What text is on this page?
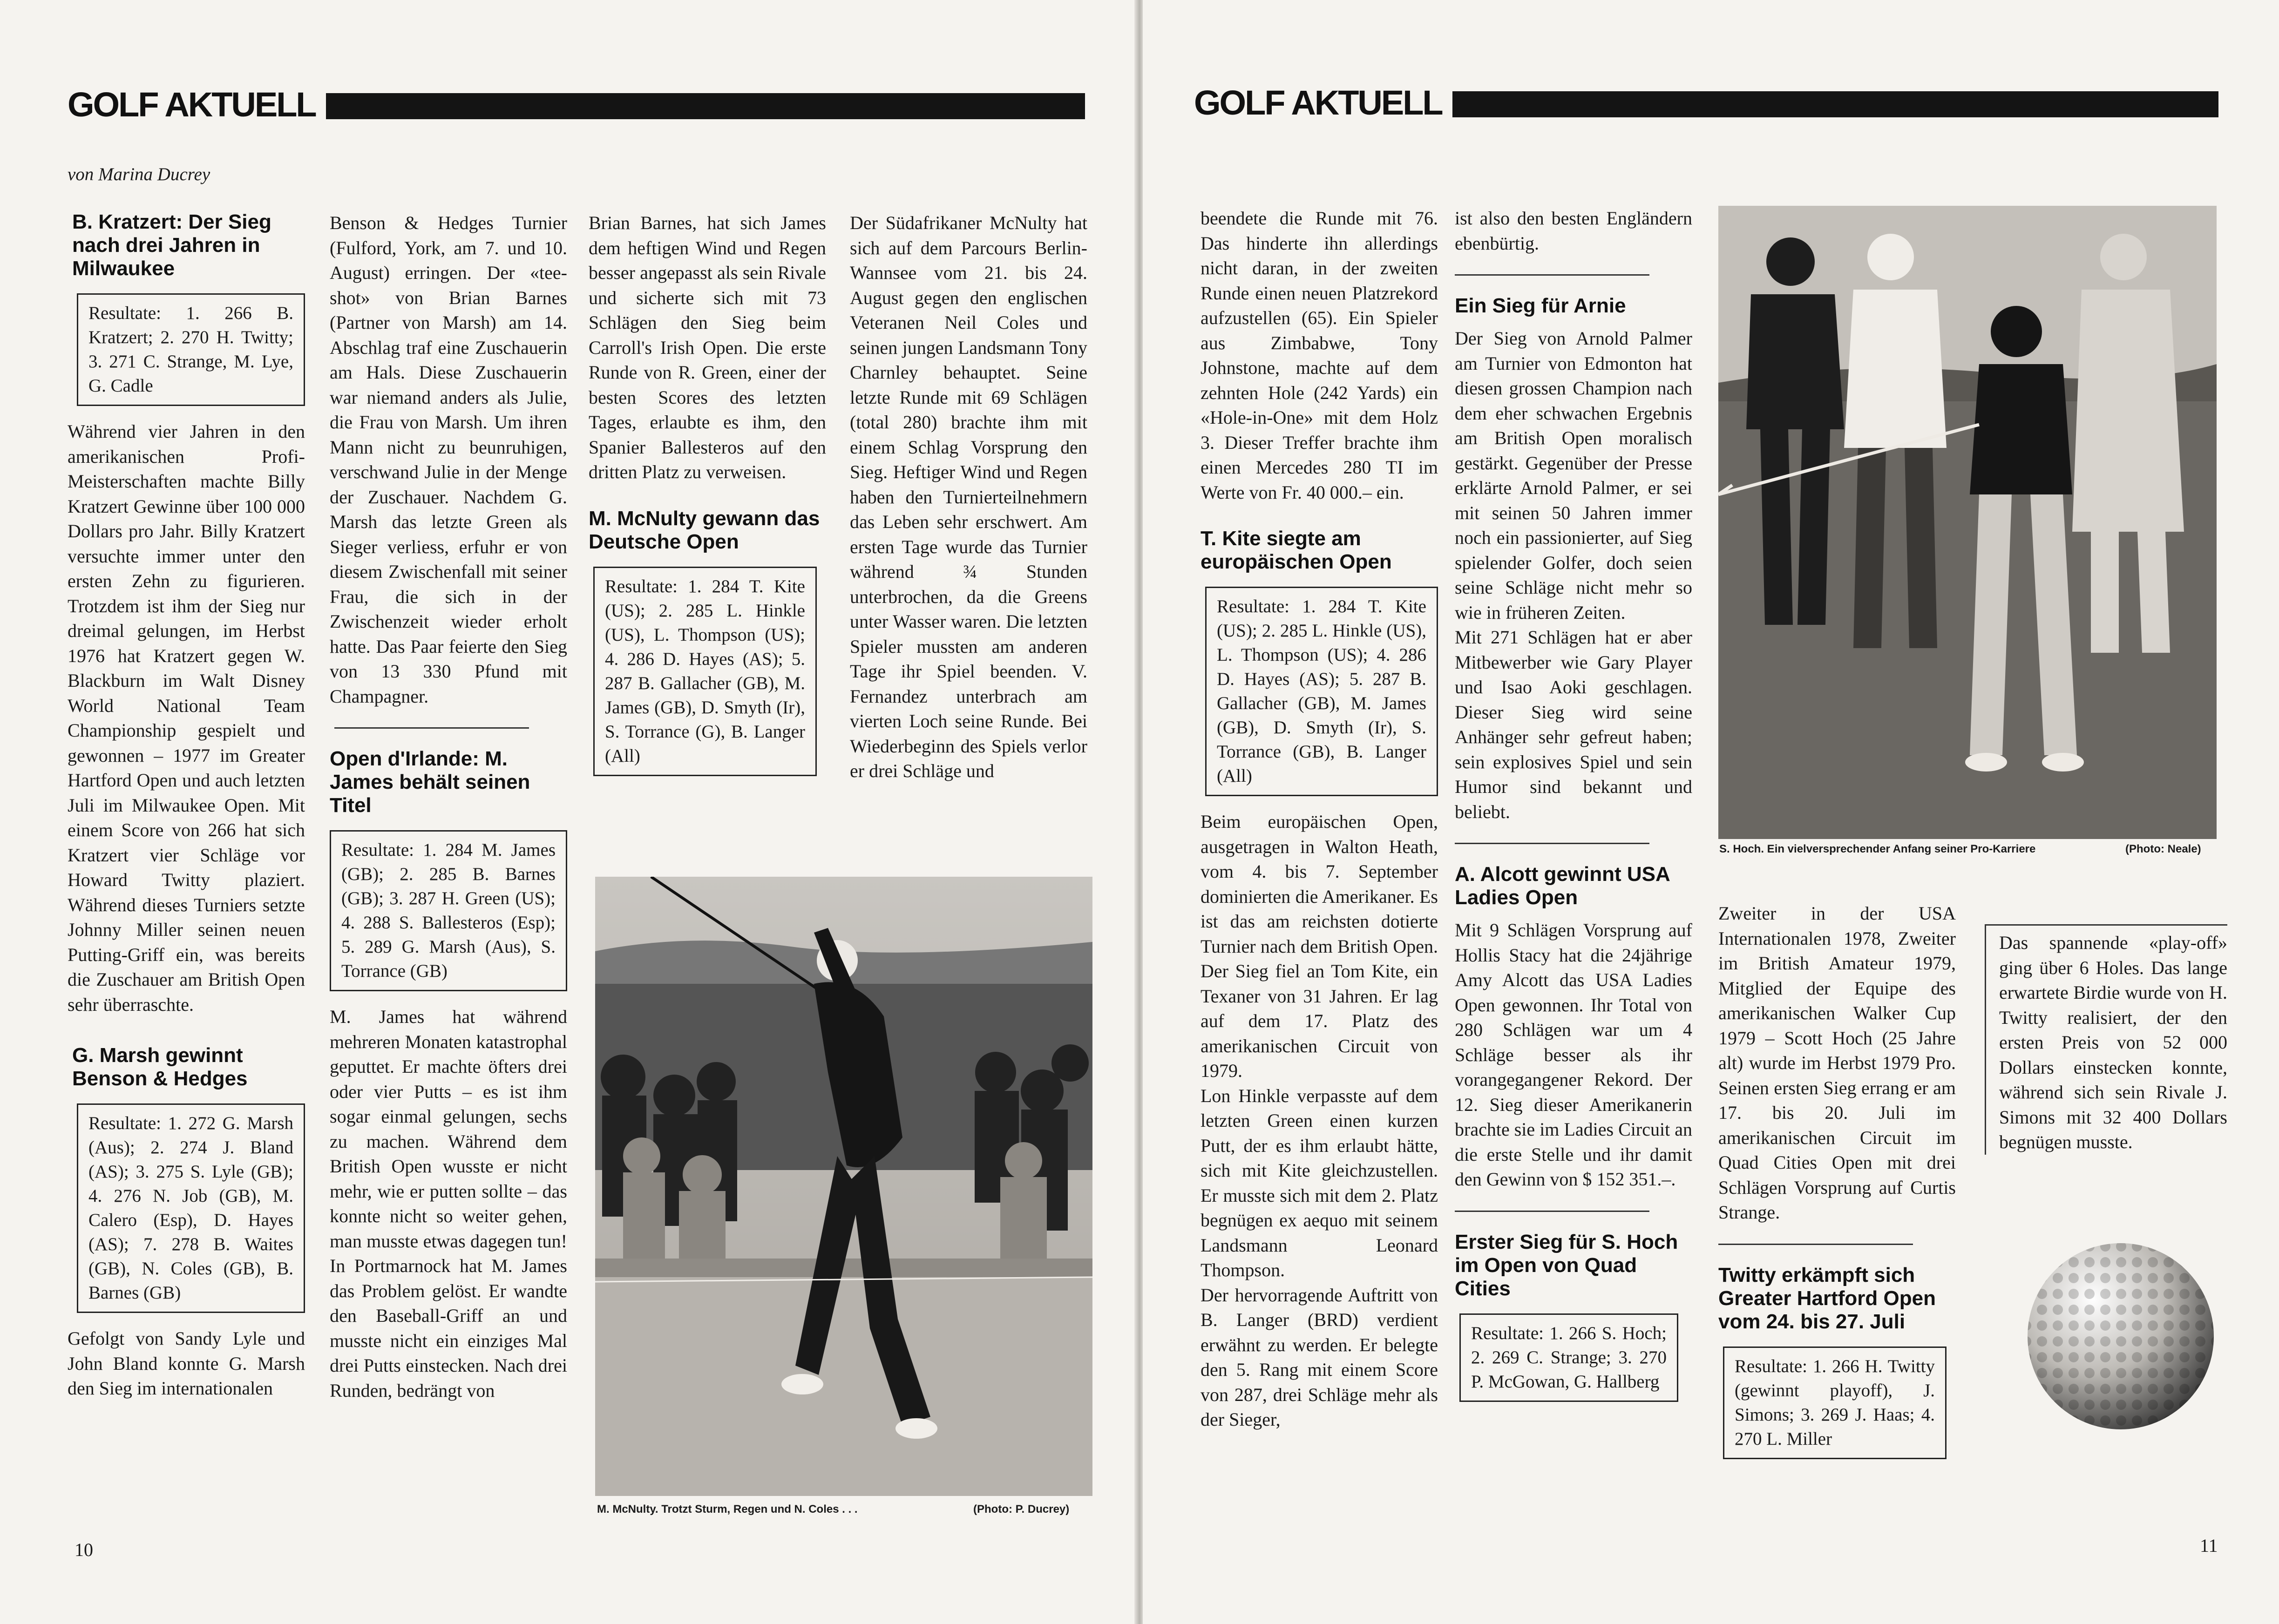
GOLF AKTUELL
von Marina Ducrey
B. Kratzert: Der Sieg nach drei Jahren in Milwaukee
Resultate: 1. 266 B. Kratzert; 2. 270 H. Twitty; 3. 271 C. Strange, M. Lye, G. Cadle

Während vier Jahren in den amerikanischen Profi-Meisterschaften machte Billy Kratzert Gewinne über 100 000 Dollars pro Jahr. Billy Kratzert versuchte immer unter den ersten Zehn zu figurieren. Trotzdem ist ihm der Sieg nur dreimal gelungen, im Herbst 1976 hat Kratzert gegen W. Blackburn im Walt Disney World National Team Championship gespielt und gewonnen – 1977 im Greater Hartford Open und auch letzten Juli im Milwaukee Open. Mit einem Score von 266 hat sich Kratzert vier Schläge vor Howard Twitty plaziert. Während dieses Turniers setzte Johnny Miller seinen neuen Putting-Griff ein, was bereits die Zuschauer am British Open sehr überraschte.

G. Marsh gewinnt Benson & Hedges
Resultate: 1. 272 G. Marsh (Aus); 2. 274 J. Bland (AS); 3. 275 S. Lyle (GB); 4. 276 N. Job (GB), M. Calero (Esp), D. Hayes (AS); 7. 278 B. Waites (GB), N. Coles (GB), B. Barnes (GB)

Gefolgt von Sandy Lyle und John Bland konnte G. Marsh den Sieg im internationalen

Benson & Hedges Turnier (Fulford, York, am 7. und 10. August) erringen. Der «tee-shot» von Brian Barnes (Partner von Marsh) am 14. Abschlag traf eine Zuschauerin am Hals. Diese Zuschauerin war niemand anders als Julie, die Frau von Marsh. Um ihren Mann nicht zu beunruhigen, verschwand Julie in der Menge der Zuschauer. Nachdem G. Marsh das letzte Green als Sieger verliess, erfuhr er von diesem Zwischenfall mit seiner Frau, die sich in der Zwischenzeit wieder erholt hatte. Das Paar feierte den Sieg von 13 330 Pfund mit Champagner.

Open d'Irlande: M. James behält seinen Titel
Resultate: 1. 284 M. James (GB); 2. 285 B. Barnes (GB); 3. 287 H. Green (US); 4. 288 S. Ballesteros (Esp); 5. 289 G. Marsh (Aus), S. Torrance (GB)

M. James hat während mehreren Monaten katastrophal geputtet. Er machte öfters drei oder vier Putts – es ist ihm sogar einmal gelungen, sechs zu machen. Während dem British Open wusste er nicht mehr, wie er putten sollte – das konnte nicht so weiter gehen, man musste etwas dagegen tun! In Portmarnock hat M. James das Problem gelöst. Er wandte den Baseball-Griff an und musste nicht ein einziges Mal drei Putts einstecken. Nach drei Runden, bedrängt von

Brian Barnes, hat sich James dem heftigen Wind und Regen besser angepasst als sein Rivale und sicherte sich mit 73 Schlägen den Sieg beim Carroll's Irish Open. Die erste Runde von R. Green, einer der besten Scores des letzten Tages, erlaubte es ihm, den Spanier Ballesteros auf den dritten Platz zu verweisen.

M. McNulty gewann das Deutsche Open
Resultate: 1. 284 T. Kite (US); 2. 285 L. Hinkle (US), L. Thompson (US); 4. 286 D. Hayes (AS); 5. 287 B. Gallacher (GB), M. James (GB), D. Smyth (Ir), S. Torrance (G), B. Langer (All)

Der Südafrikaner McNulty hat sich auf dem Parcours Berlin-Wannsee vom 21. bis 24. August gegen den englischen Veteranen Neil Coles und seinen jungen Landsmann Tony Charnley behauptet. Seine letzte Runde mit 69 Schlägen (total 280) brachte ihm mit einem Schlag Vorsprung den Sieg. Heftiger Wind und Regen haben den Turnierteilnehmern das Leben sehr erschwert. Am ersten Tage wurde das Turnier während ¾ Stunden unterbrochen, da die Greens unter Wasser waren. Die letzten Spieler mussten am anderen Tage ihr Spiel beenden. V. Fernandez unterbrach am vierten Loch seine Runde. Bei Wiederbeginn des Spiels verlor er drei Schläge und

M. McNulty. Trotzt Sturm, Regen und N. Coles . . .	(Photo: P. Ducrey)
10
GOLF AKTUELL

beendete die Runde mit 76. Das hinderte ihn allerdings nicht daran, in der zweiten Runde einen neuen Platzrekord aufzustellen (65). Ein Spieler aus Zimbabwe, Tony Johnstone, machte auf dem zehnten Hole (242 Yards) ein «Hole-in-One» mit dem Holz 3. Dieser Treffer brachte ihm einen Mercedes 280 TI im Werte von Fr. 40 000.– ein.

T. Kite siegte am europäischen Open
Resultate: 1. 284 T. Kite (US); 2. 285 L. Hinkle (US), L. Thompson (US); 4. 286 D. Hayes (AS); 5. 287 B. Gallacher (GB), M. James (GB), D. Smyth (Ir), S. Torrance (GB), B. Langer (All)

Beim europäischen Open, ausgetragen in Walton Heath, vom 4. bis 7. September dominierten die Amerikaner. Es ist das am reichsten dotierte Turnier nach dem British Open. Der Sieg fiel an Tom Kite, ein Texaner von 31 Jahren. Er lag auf dem 17. Platz des amerikanischen Circuit von 1979.

Lon Hinkle verpasste auf dem letzten Green einen kurzen Putt, der es ihm erlaubt hätte, sich mit Kite gleichzustellen. Er musste sich mit dem 2. Platz begnügen ex aequo mit seinem Landsmann Leonard Thompson.

Der hervorragende Auftritt von B. Langer (BRD) verdient erwähnt zu werden. Er belegte den 5. Rang mit einem Score von 287, drei Schläge mehr als der Sieger,

ist also den besten Engländern ebenbürtig.

Ein Sieg für Arnie

Der Sieg von Arnold Palmer am Turnier von Edmonton hat diesen grossen Champion nach dem eher schwachen Ergebnis am British Open moralisch gestärkt. Gegenüber der Presse erklärte Arnold Palmer, er sei mit seinen 50 Jahren immer noch ein passionierter, auf Sieg spielender Golfer, doch seien seine Schläge nicht mehr so wie in früheren Zeiten.

Mit 271 Schlägen hat er aber Mitbewerber wie Gary Player und Isao Aoki geschlagen. Dieser Sieg wird seine Anhänger sehr gefreut haben; sein explosives Spiel und sein Humor sind bekannt und beliebt.

A. Alcott gewinnt USA Ladies Open

Mit 9 Schlägen Vorsprung auf Hollis Stacy hat die 24jährige Amy Alcott das USA Ladies Open gewonnen. Ihr Total von 280 Schlägen war um 4 Schläge besser als ihr vorangegangener Rekord. Der 12. Sieg dieser Amerikanerin brachte sie im Ladies Circuit an die erste Stelle und ihr damit den Gewinn von $ 152 351.–.

Erster Sieg für S. Hoch im Open von Quad Cities
Resultate: 1. 266 S. Hoch; 2. 269 C. Strange; 3. 270 P. McGowan, G. Hallberg
S. Hoch. Ein vielversprechender Anfang seiner Pro-Karriere	(Photo: Neale)

Zweiter in der USA Internationalen 1978, Zweiter im British Amateur 1979, Mitglied der Equipe des amerikanischen Walker Cup 1979 – Scott Hoch (25 Jahre alt) wurde im Herbst 1979 Pro. Seinen ersten Sieg errang er am 17. bis 20. Juli im amerikanischen Circuit im Quad Cities Open mit drei Schlägen Vorsprung auf Curtis Strange.

Twitty erkämpft sich Greater Hartford Open vom 24. bis 27. Juli
Resultate: 1. 266 H. Twitty (gewinnt playoff), J. Simons; 3. 269 J. Haas; 4. 270 L. Miller

Das spannende «play-off» ging über 6 Holes. Das lange erwartete Birdie wurde von H. Twitty realisiert, der den ersten Preis von 52 000 Dollars einstecken konnte, während sich sein Rivale J. Simons mit 32 400 Dollars begnügen musste.

11
